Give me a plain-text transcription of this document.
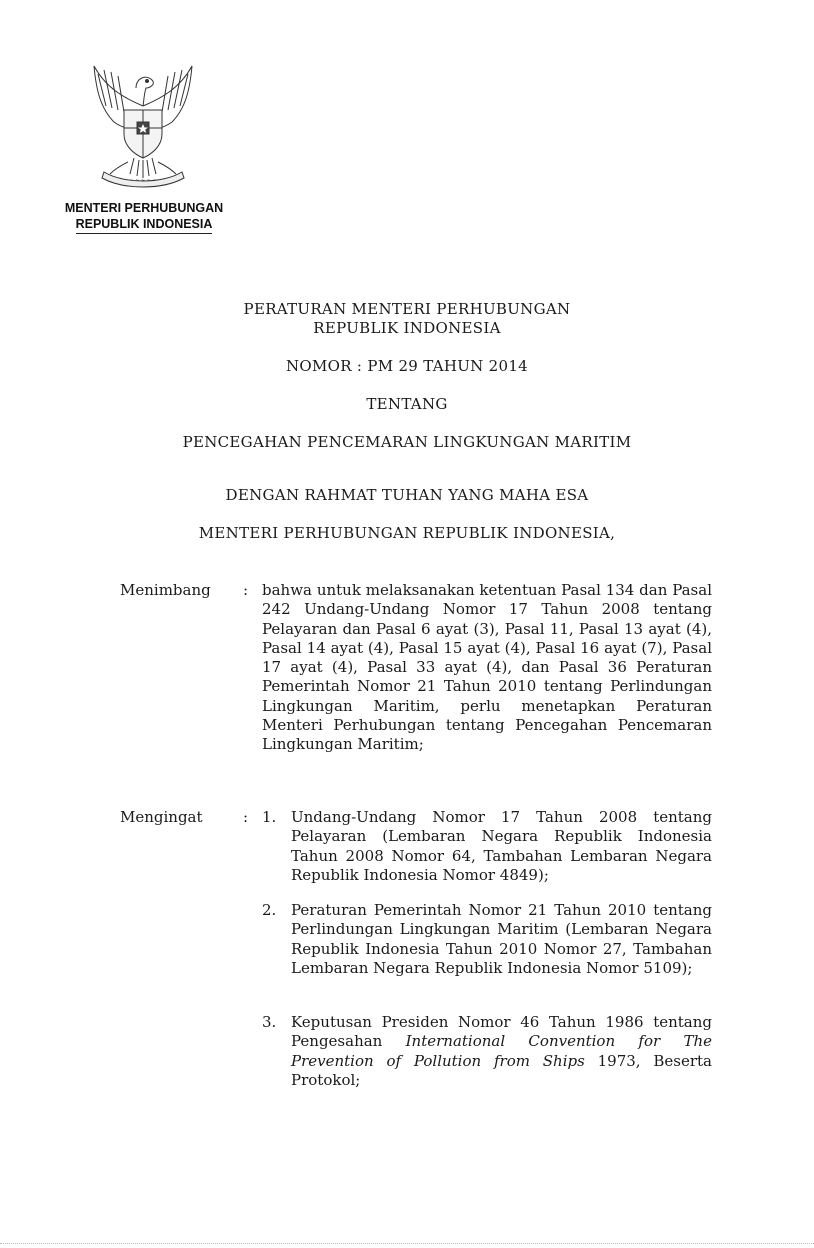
~ ~ ~ ~ ~
MENTERI PERHUBUNGAN
REPUBLIK INDONESIA
PERATURAN MENTERI PERHUBUNGAN
REPUBLIK INDONESIA
NOMOR : PM 29 TAHUN 2014
TENTANG
PENCEGAHAN PENCEMARAN LINGKUNGAN MARITIM
DENGAN RAHMAT TUHAN YANG MAHA ESA
MENTERI PERHUBUNGAN REPUBLIK INDONESIA,
Menimbang : bahwa untuk melaksanakan ketentuan Pasal 134 dan Pasal 242 Undang-Undang Nomor 17 Tahun 2008 tentang Pelayaran dan Pasal 6 ayat (3), Pasal 11, Pasal 13 ayat (4), Pasal 14 ayat (4), Pasal 15 ayat (4), Pasal 16 ayat (7), Pasal 17 ayat (4), Pasal 33 ayat (4), dan Pasal 36 Peraturan Pemerintah Nomor 21 Tahun 2010 tentang Perlindungan Lingkungan Maritim, perlu menetapkan Peraturan Menteri Perhubungan tentang Pencegahan Pencemaran Lingkungan Maritim;

Mengingat	: 1. Undang-Undang Nomor 17 Tahun 2008 tentang Pelayaran (Lembaran Negara Republik Indonesia Tahun 2008 Nomor 64, Tambahan Lembaran Negara Republik Indonesia Nomor 4849);

2. Peraturan Pemerintah Nomor 21 Tahun 2010 tentang Perlindungan Lingkungan Maritim (Lembaran Negara Republik Indonesia Tahun 2010 Nomor 27, Tambahan Lembaran Negara Republik Indonesia Nomor 5109);

3. Keputusan Presiden Nomor 46 Tahun 1986 tentang Pengesahan International Convention for The Prevention of Pollution from Ships 1973, Beserta Protokol;
